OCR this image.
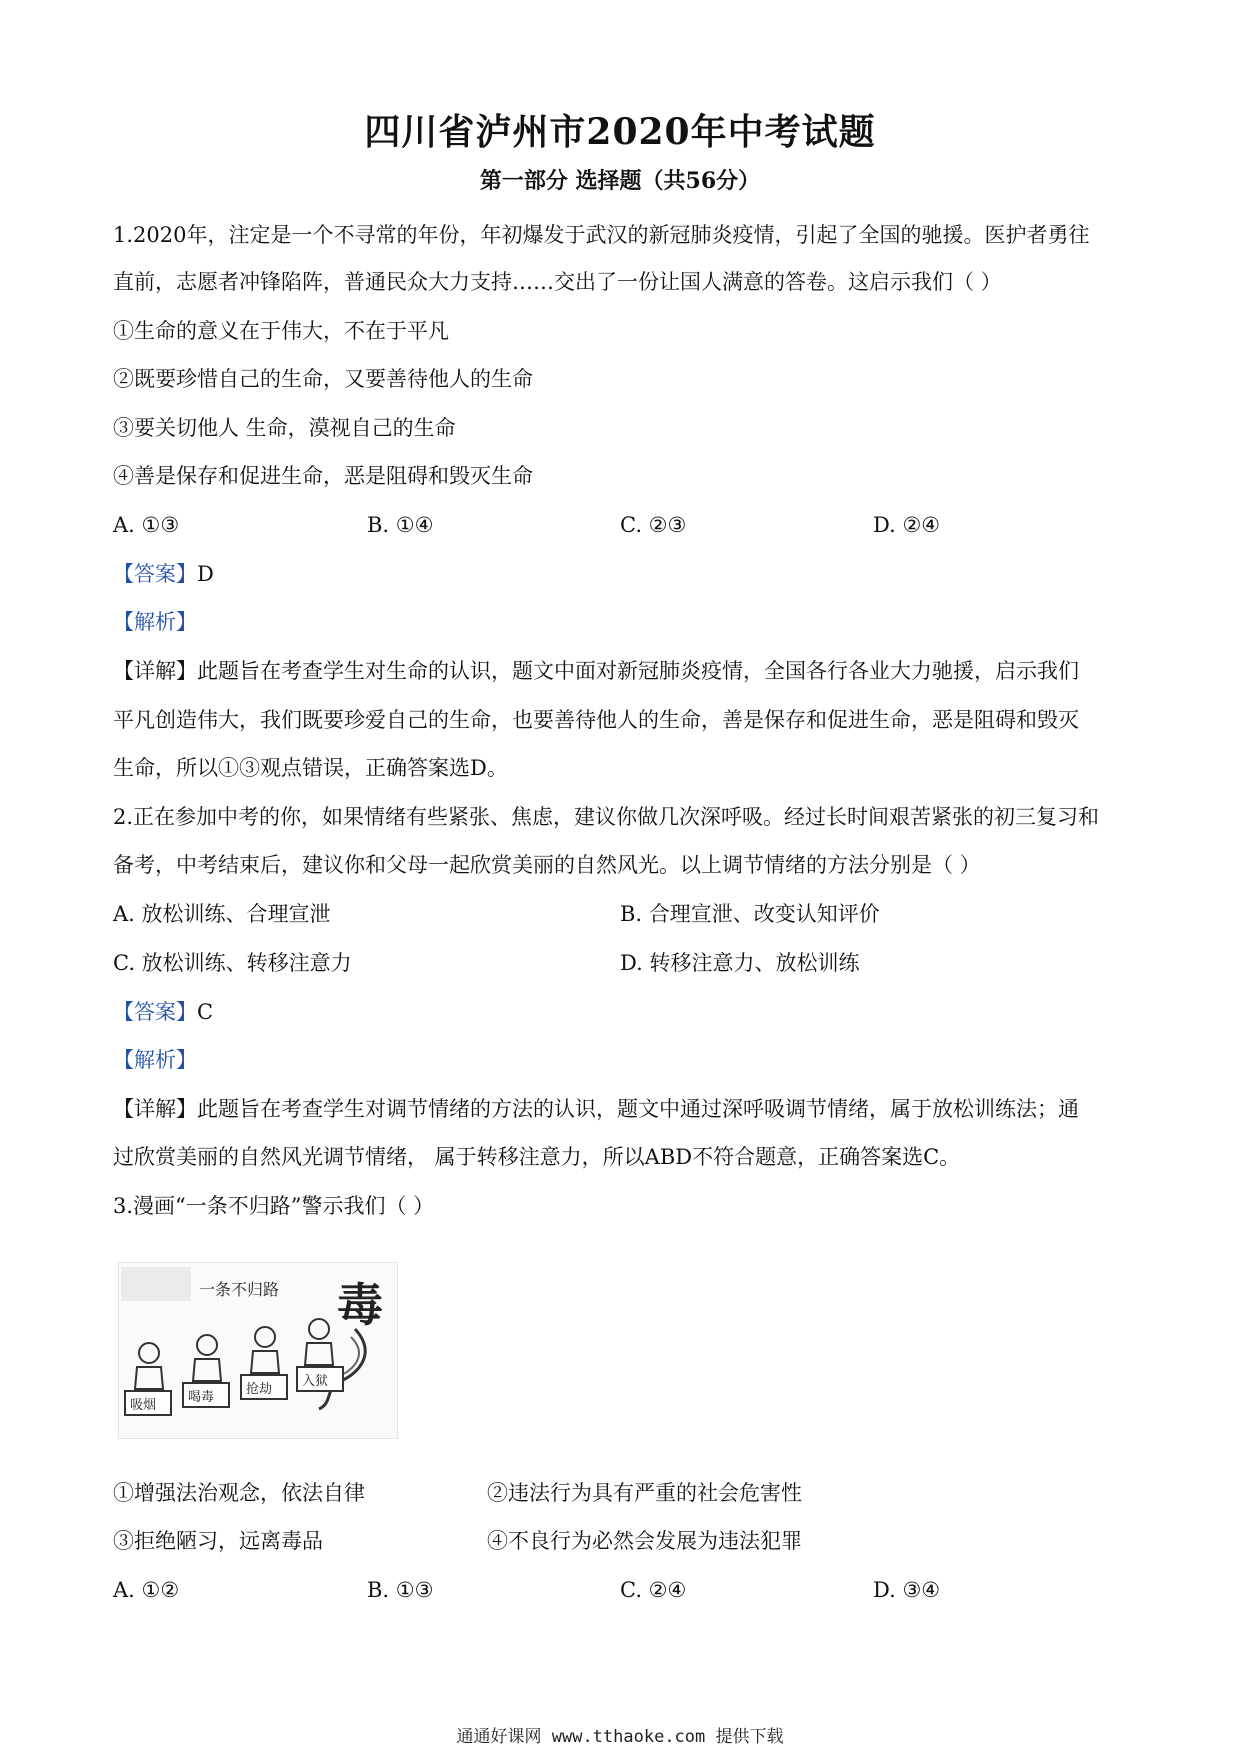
四川省泸州市2020年中考试题
第一部分 选择题（共56分）
1.2020年，注定是一个不寻常的年份，年初爆发于武汉的新冠肺炎疫情，引起了全国的驰援。医护者勇往
直前，志愿者冲锋陷阵，普通民众大力支持……交出了一份让国人满意的答卷。这启示我们（ ）
①生命的意义在于伟大，不在于平凡
②既要珍惜自己的生命，又要善待他人的生命
③要关切他人 生命，漠视自己的生命
④善是保存和促进生命，恶是阻碍和毁灭生命
A. ①③	B. ①④	C. ②③	D. ②④
【答案】D
【解析】
【详解】此题旨在考查学生对生命的认识，题文中面对新冠肺炎疫情，全国各行各业大力驰援，启示我们
平凡创造伟大，我们既要珍爱自己的生命，也要善待他人的生命，善是保存和促进生命，恶是阻碍和毁灭
生命，所以①③观点错误，正确答案选D。
2.正在参加中考的你，如果情绪有些紧张、焦虑，建议你做几次深呼吸。经过长时间艰苦紧张的初三复习和
备考，中考结束后，建议你和父母一起欣赏美丽的自然风光。以上调节情绪的方法分别是（ ）
A. 放松训练、合理宣泄	B. 合理宣泄、改变认知评价
C. 放松训练、转移注意力	D. 转移注意力、放松训练
【答案】C
【解析】
【详解】此题旨在考查学生对调节情绪的方法的认识，题文中通过深呼吸调节情绪，属于放松训练法；通
过欣赏美丽的自然风光调节情绪， 属于转移注意力，所以ABD不符合题意，正确答案选C。
3.漫画“一条不归路”警示我们（ ）
一条不归路 毒
吸烟
喝毒
抢劫
入狱
①增强法治观念，依法自律	②违法行为具有严重的社会危害性
③拒绝陋习，远离毒品	④不良行为必然会发展为违法犯罪
A. ①②	B. ①③	C. ②④	D. ③④
通通好课网 www.tthaoke.com 提供下载
